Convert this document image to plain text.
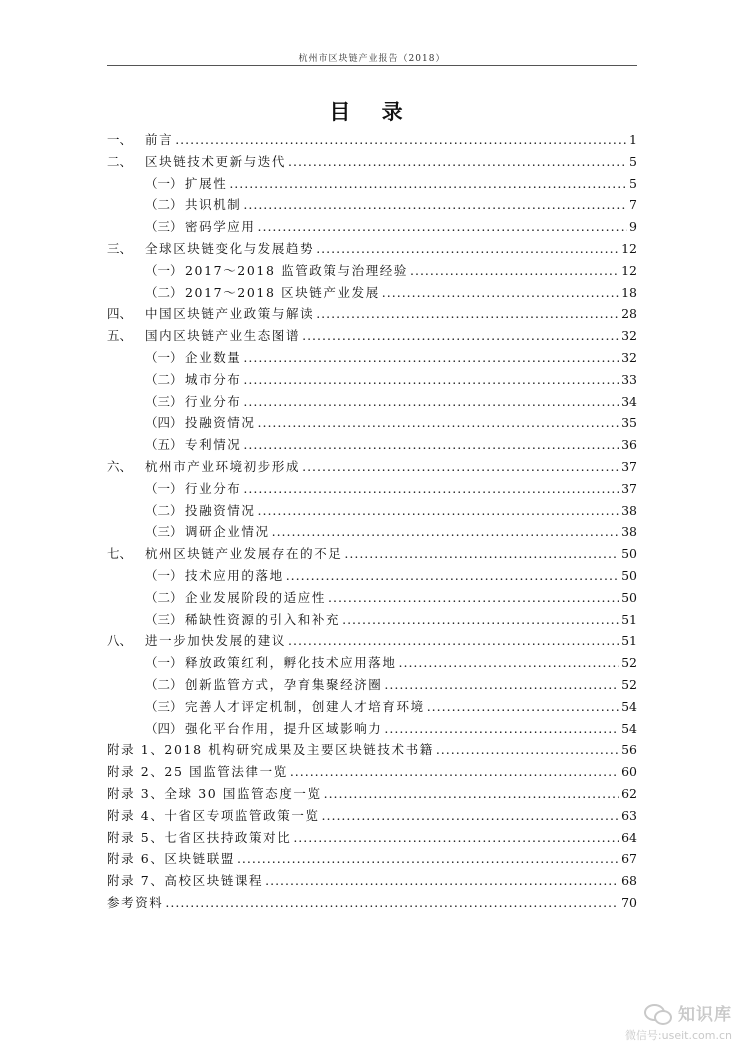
杭州市区块链产业报告（2018）
目 录
一、	前言 .....	1
二、	区块链技术更新与迭代 .....	5
（一） 扩展性 .....	5
（二） 共识机制 .....	7
（三） 密码学应用 .....	9
三、	全球区块链变化与发展趋势 .....	12
（一） 2017～2018 监管政策与治理经验 .....	12
（二） 2017～2018 区块链产业发展 .....	18
四、	中国区块链产业政策与解读 .....	28
五、	国内区块链产业生态图谱 .....	32
（一） 企业数量 .....	32
（二） 城市分布 .....	33
（三） 行业分布 .....	34
（四） 投融资情况 .....	35
（五） 专利情况 .....	36
六、	杭州市产业环境初步形成 .....	37
（一） 行业分布 .....	37
（二） 投融资情况 .....	38
（三） 调研企业情况 .....	38
七、	杭州区块链产业发展存在的不足 .....	50
（一） 技术应用的落地 .....	50
（二） 企业发展阶段的适应性 .....	50
（三） 稀缺性资源的引入和补充 .....	51
八、	进一步加快发展的建议 .....	51
（一） 释放政策红利，孵化技术应用落地 .....	52
（二） 创新监管方式，孕育集聚经济圈 .....	52
（三） 完善人才评定机制，创建人才培育环境 .....	54
（四） 强化平台作用，提升区域影响力 .....	54
附录 1、2018 机构研究成果及主要区块链技术书籍 .....	56
附录 2、25 国监管法律一览 .....	60
附录 3、全球 30 国监管态度一览 .....	62
附录 4、十省区专项监管政策一览 .....	63
附录 5、七省区扶持政策对比 .....	64
附录 6、区块链联盟 .....	67
附录 7、高校区块链课程 .....	68
参考资料 .....	70
知识库
微信号:useit.com.cn
